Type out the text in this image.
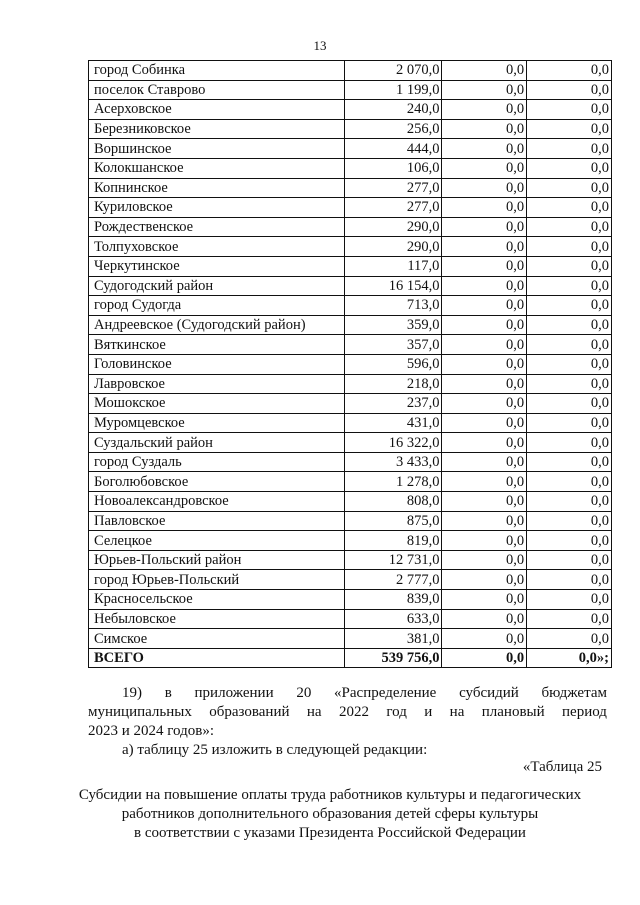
13
город Собинка	2 070,0	0,0	0,0
поселок Ставрово	1 199,0	0,0	0,0
Асерховское	240,0	0,0	0,0
Березниковское	256,0	0,0	0,0
Воршинское	444,0	0,0	0,0
Колокшанское	106,0	0,0	0,0
Копнинское	277,0	0,0	0,0
Куриловское	277,0	0,0	0,0
Рождественское	290,0	0,0	0,0
Толпуховское	290,0	0,0	0,0
Черкутинское	117,0	0,0	0,0
Судогодский район	16 154,0	0,0	0,0
город Судогда	713,0	0,0	0,0
Андреевское (Судогодский район)	359,0	0,0	0,0
Вяткинское	357,0	0,0	0,0
Головинское	596,0	0,0	0,0
Лавровское	218,0	0,0	0,0
Мошокское	237,0	0,0	0,0
Муромцевское	431,0	0,0	0,0
Суздальский район	16 322,0	0,0	0,0
город Суздаль	3 433,0	0,0	0,0
Боголюбовское	1 278,0	0,0	0,0
Новоалександровское	808,0	0,0	0,0
Павловское	875,0	0,0	0,0
Селецкое	819,0	0,0	0,0
Юрьев-Польский район	12 731,0	0,0	0,0
город Юрьев-Польский	2 777,0	0,0	0,0
Красносельское	839,0	0,0	0,0
Небыловское	633,0	0,0	0,0
Симское	381,0	0,0	0,0
ВСЕГО	539 756,0	0,0	0,0»;
19) в приложении 20 «Распределение субсидий бюджетам
муниципальных образований на 2022 год и на плановый период
2023 и 2024 годов»:
а) таблицу 25 изложить в следующей редакции:
«Таблица 25
Субсидии на повышение оплаты труда работников культуры и педагогических
работников дополнительного образования детей сферы культуры
в соответствии с указами Президента Российской Федерации
